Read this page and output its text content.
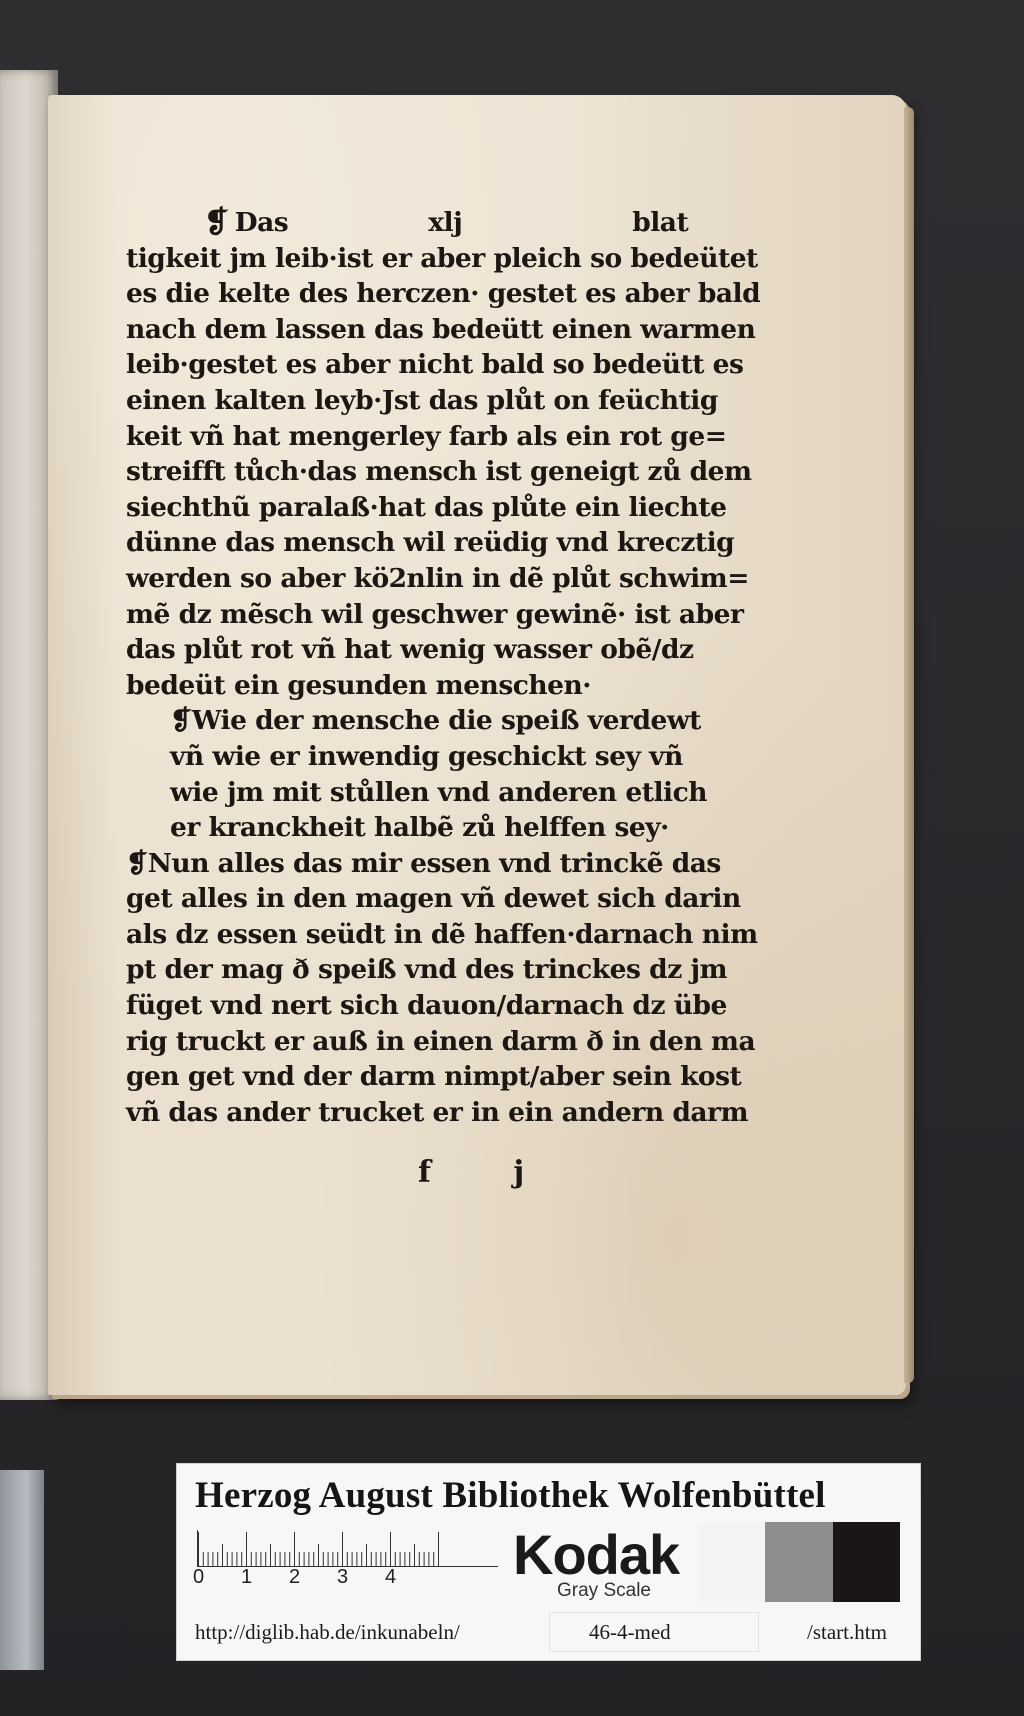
❡ Das	xlj	blat
tigkeit jm leib·ist er aber pleich so bedeütet
es die kelte des herczen· gestet es aber bald
nach dem lassen das bedeütt einen warmen
leib·gestet es aber nicht bald so bedeütt es
einen kalten leyb·Jst das plůt on feüchtig
keit vñ hat mengerley farb als ein rot ge=
streifft tůch·das mensch ist geneigt zů dem
siechthũ paralaß·hat das plůte ein liechte
dünne das mensch wil reüdig vnd krecztig
werden so aber kö2nlin in dẽ plůt schwim=
mẽ dz mẽsch wil geschwer gewinẽ· ist aber
das plůt rot vñ hat wenig wasser obẽ/dz
bedeüt ein gesunden menschen·
❡Wie der mensche die speiß verdewt
vñ wie er inwendig geschickt sey vñ
wie jm mit stůllen vnd anderen etlich
er kranckheit halbẽ zů helffen sey·
❡Nun alles das mir essen vnd trinckẽ das
get alles in den magen vñ dewet sich darin
als dz essen seüdt in dẽ haffen·darnach nim
pt der mag ð speiß vnd des trinckes dz jm
füget vnd nert sich dauon/darnach dz übe
rig truckt er auß in einen darm ð in den ma
gen get vnd der darm nimpt/aber sein kost
vñ das ander trucket er in ein andern darm
f j
Herzog August Bibliothek Wolfenbüttel
0 1 2 3 4 Kodak
Gray Scale
http://diglib.hab.de/inkunabeln/	46-4-med	/start.htm
